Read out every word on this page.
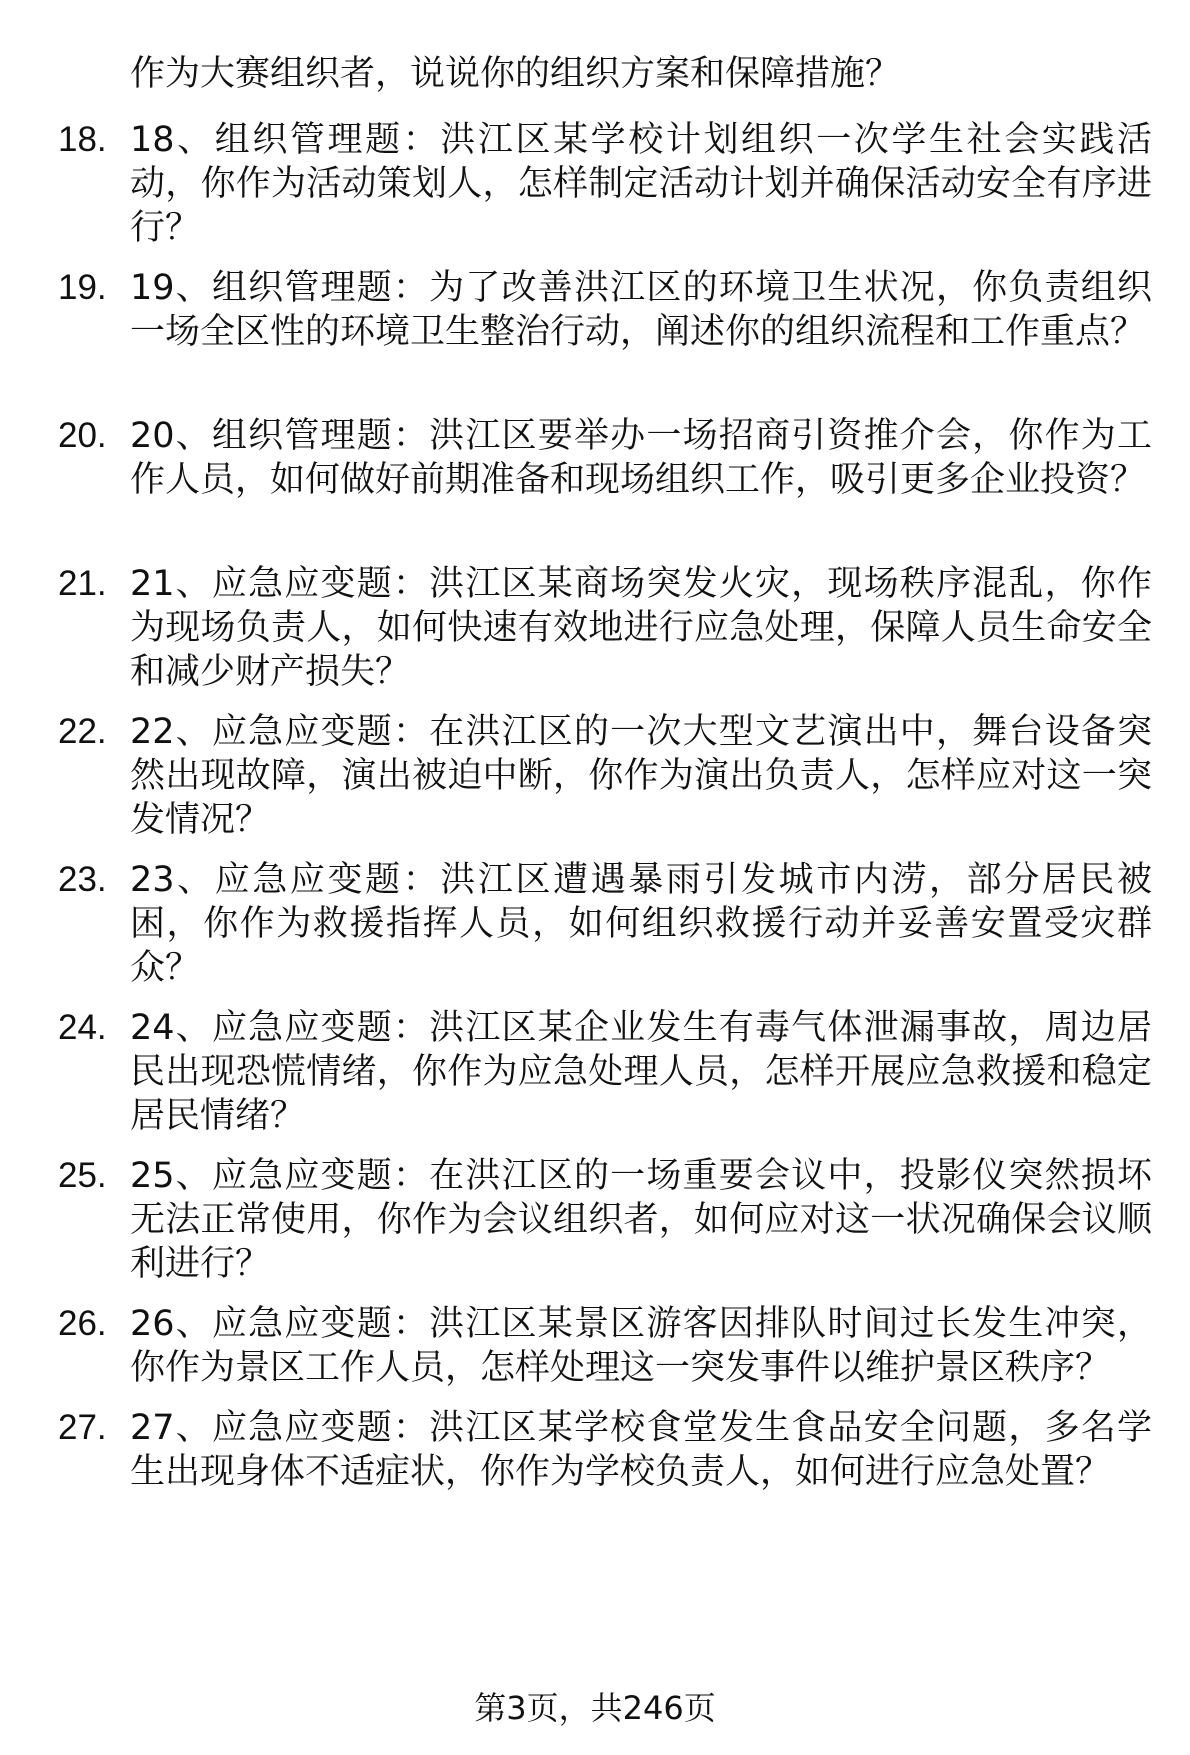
作为大赛组织者，说说你的组织方案和保障措施？
18. 18、组织管理题：洪江区某学校计划组织一次学生社会实践活动，你作为活动策划人，怎样制定活动计划并确保活动安全有序进行？
19. 19、组织管理题：为了改善洪江区的环境卫生状况，你负责组织一场全区性的环境卫生整治行动，阐述你的组织流程和工作重点？
20. 20、组织管理题：洪江区要举办一场招商引资推介会，你作为工作人员，如何做好前期准备和现场组织工作，吸引更多企业投资？
21. 21、应急应变题：洪江区某商场突发火灾，现场秩序混乱，你作为现场负责人，如何快速有效地进行应急处理，保障人员生命安全和减少财产损失？
22. 22、应急应变题：在洪江区的一次大型文艺演出中，舞台设备突然出现故障，演出被迫中断，你作为演出负责人，怎样应对这一突发情况？
23. 23、应急应变题：洪江区遭遇暴雨引发城市内涝，部分居民被困，你作为救援指挥人员，如何组织救援行动并妥善安置受灾群众？
24. 24、应急应变题：洪江区某企业发生有毒气体泄漏事故，周边居民出现恐慌情绪，你作为应急处理人员，怎样开展应急救援和稳定居民情绪？
25. 25、应急应变题：在洪江区的一场重要会议中，投影仪突然损坏无法正常使用，你作为会议组织者，如何应对这一状况确保会议顺利进行？
26. 26、应急应变题：洪江区某景区游客因排队时间过长发生冲突，你作为景区工作人员，怎样处理这一突发事件以维护景区秩序？
27. 27、应急应变题：洪江区某学校食堂发生食品安全问题，多名学生出现身体不适症状，你作为学校负责人，如何进行应急处置？
第3页，共246页
